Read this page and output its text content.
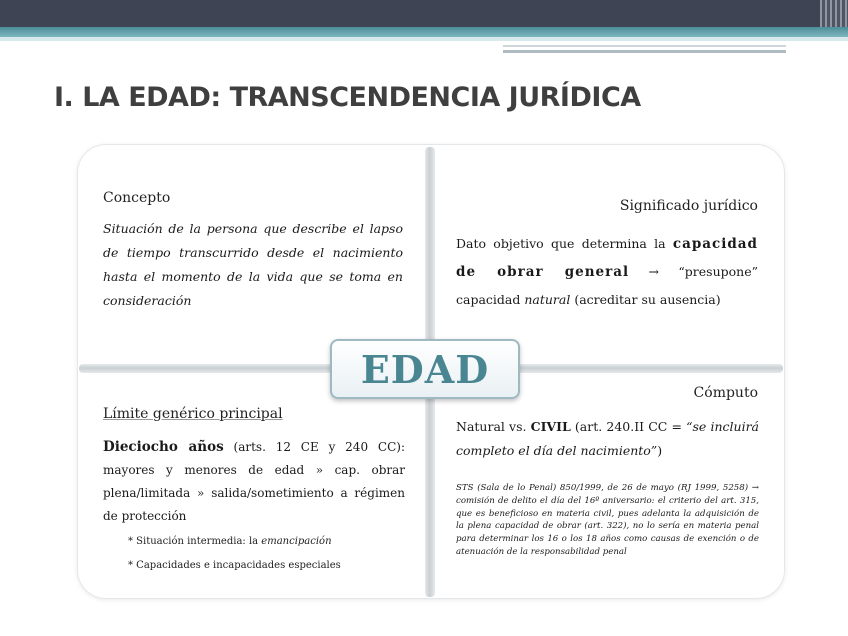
I. LA EDAD: TRANSCENDENCIA JURÍDICA
Concepto

Situación de la persona que describe el lapso de tiempo transcurrido desde el nacimiento hasta el momento de la vida que se toma en consideración

Significado jurídico

Dato objetivo que determina la capacidad de obrar general → “presupone” capacidad natural (acreditar su ausencia)

Límite genérico principal

Dieciocho años (arts. 12 CE y 240 CC): mayores y menores de edad » cap. obrar plena/limitada » salida/sometimiento a régimen de protección

* Situación intermedia: la emancipación
* Capacidades e incapacidades especiales
Cómputo

Natural vs. CIVIL (art. 240.II CC = “se incluirá completo el día del nacimiento”)

STS (Sala de lo Penal) 850/1999, de 26 de mayo (RJ 1999, 5258) → comisión de delito el día del 16º aniversario: el criterio del art. 315, que es beneficioso en materia civil, pues adelanta la adquisición de la plena capacidad de obrar (art. 322), no lo sería en materia penal para determinar los 16 o los 18 años como causas de exención o de atenuación de la responsabilidad penal

EDAD
